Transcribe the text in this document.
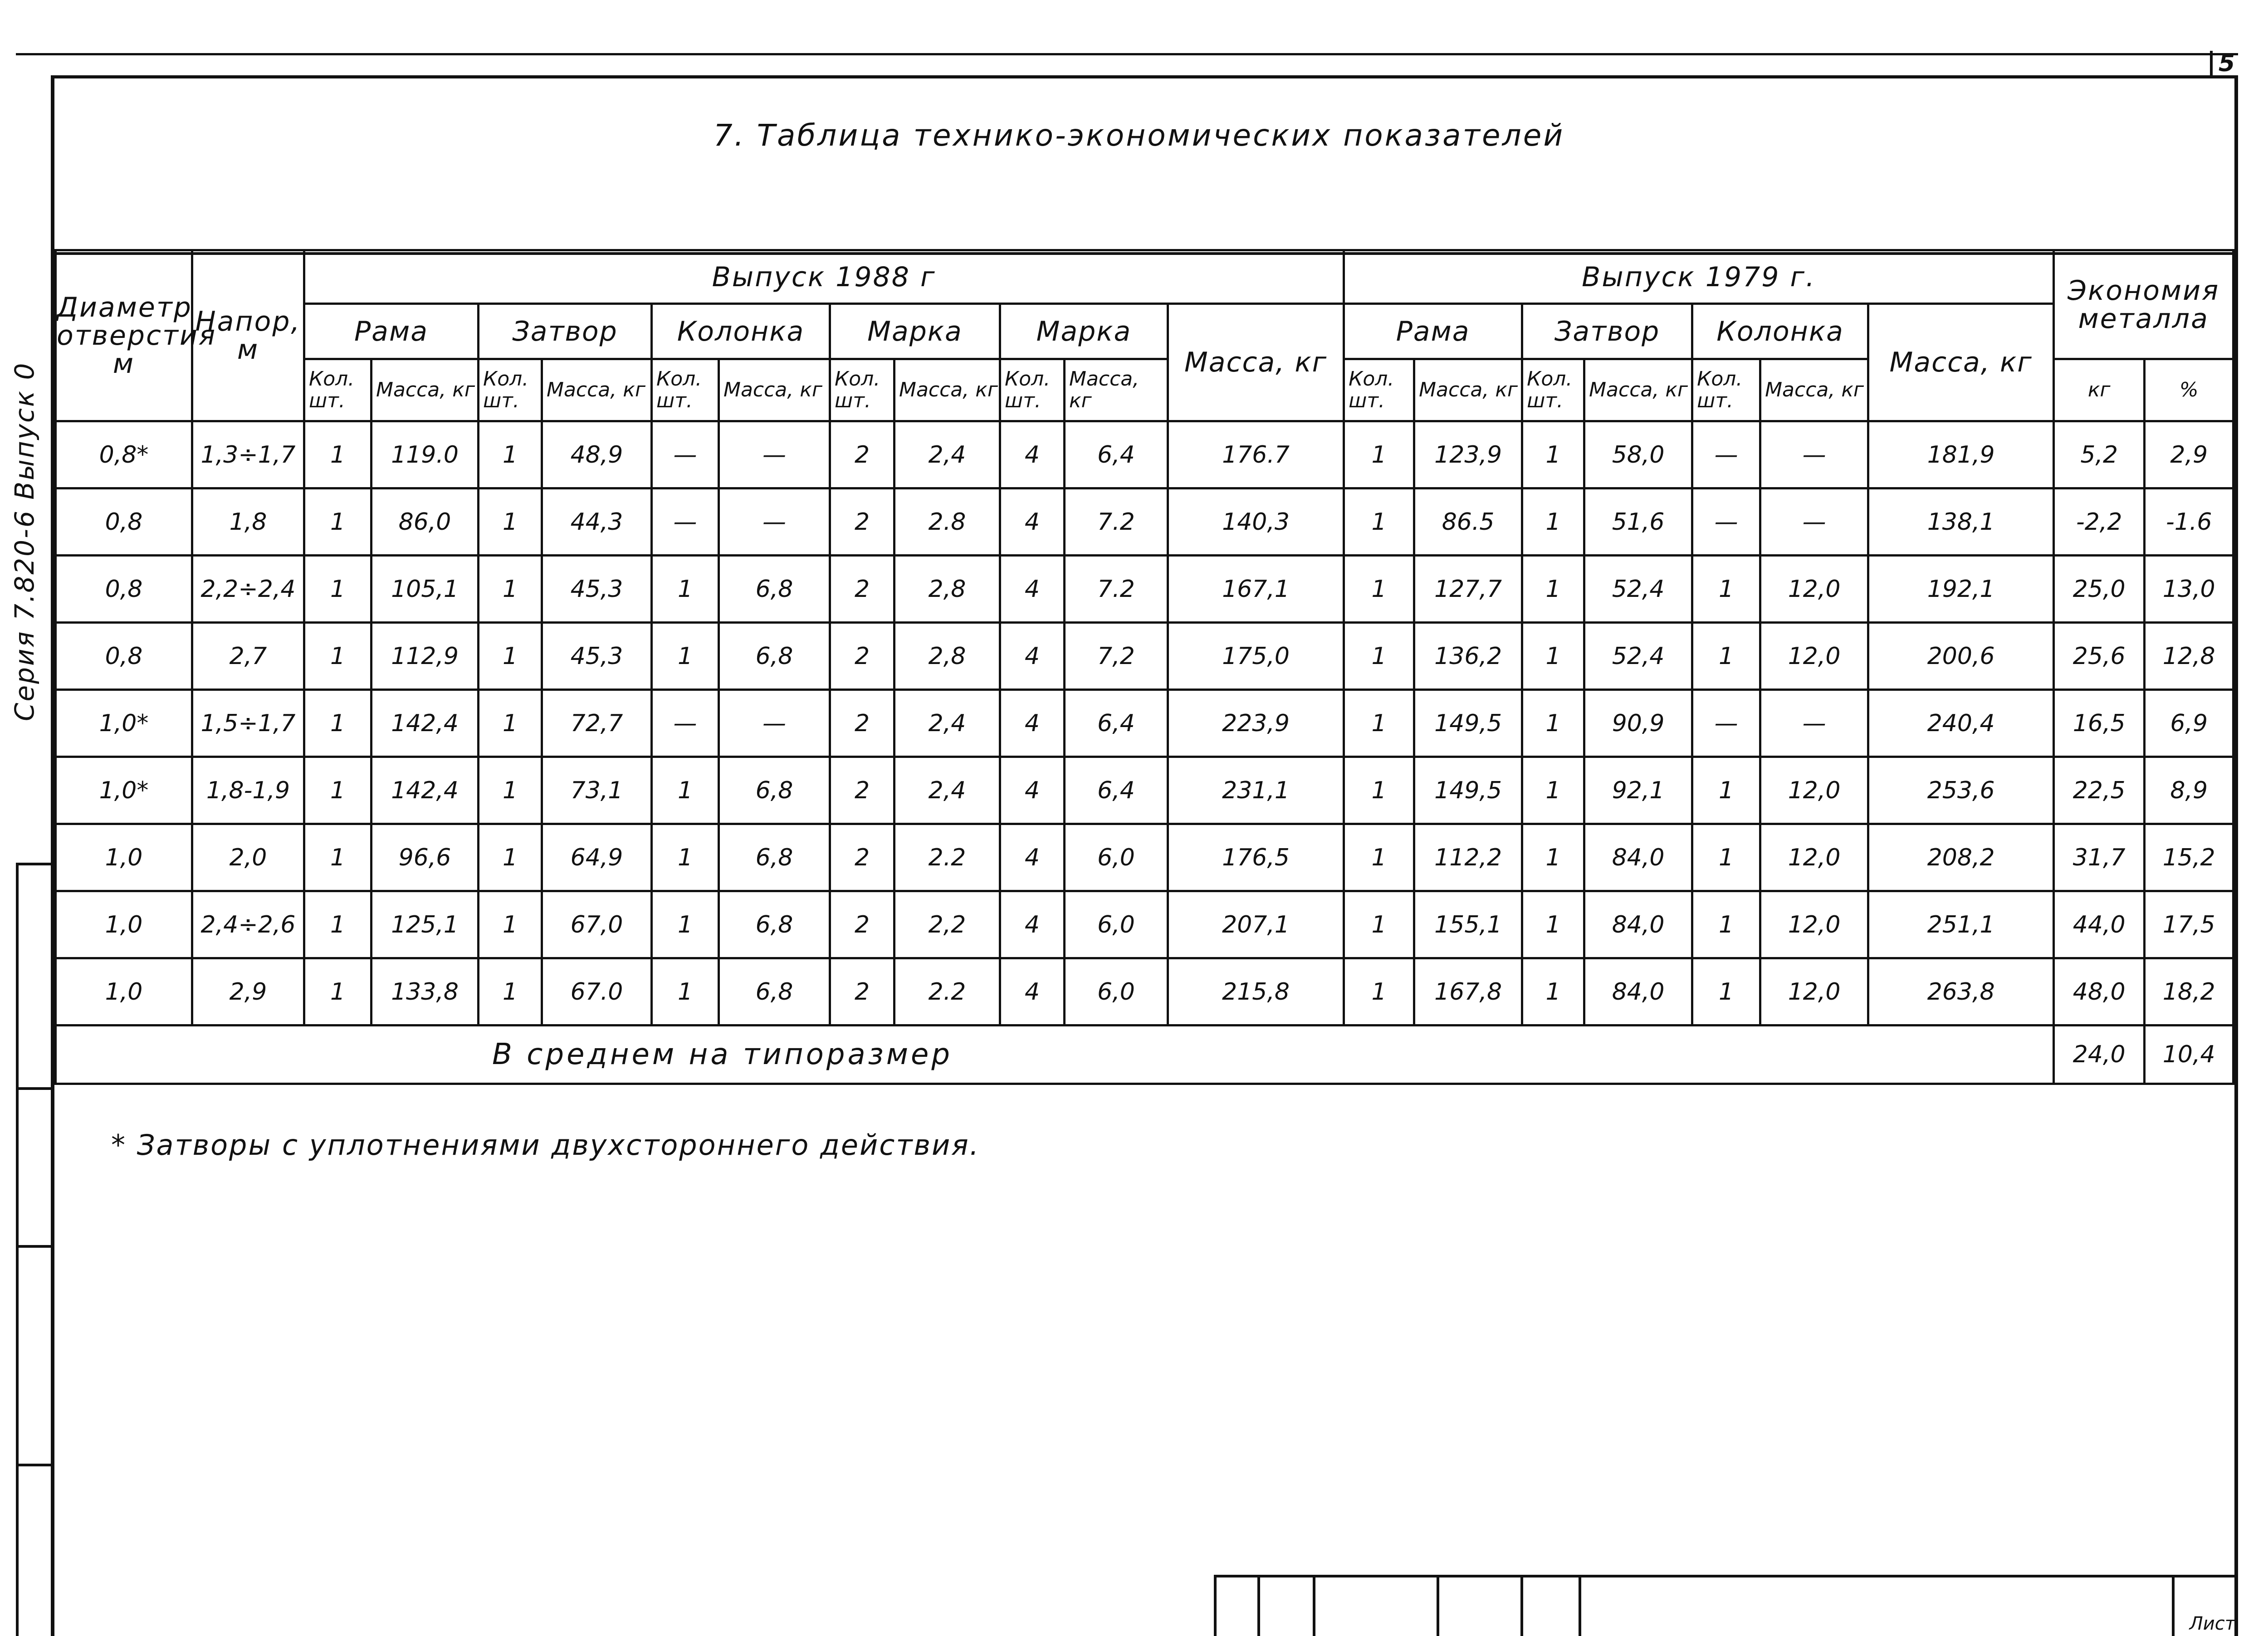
5
7. Таблица технико-экономических показателей
Серия 7.820-6 Выпуск 0
Диаметр отверстия м	Напор, м	Выпуск 1988 г											Выпуск 1979 г.							Экономия металла	
		Рама		Затвор		Колонка		Марка		Марка		Масса, кг	Рама		Затвор		Колонка		Масса, кг		
		Кол. шт.	Масса, кг	Кол. шт.	Масса, кг	Кол. шт.	Масса, кг	Кол. шт.	Масса, кг	Кол. шт.	Масса, кг		Кол. шт.	Масса, кг	Кол. шт.	Масса, кг	Кол. шт.	Масса, кг		кг	%
0,8*	1,3÷1,7	1	119.0	1	48,9	—	—	2	2,4	4	6,4	176.7	1	123,9	1	58,0	—	—	181,9	5,2	2,9
0,8	1,8	1	86,0	1	44,3	—	—	2	2.8	4	7.2	140,3	1	86.5	1	51,6	—	—	138,1	-2,2	-1.6
0,8	2,2÷2,4	1	105,1	1	45,3	1	6,8	2	2,8	4	7.2	167,1	1	127,7	1	52,4	1	12,0	192,1	25,0	13,0
0,8	2,7	1	112,9	1	45,3	1	6,8	2	2,8	4	7,2	175,0	1	136,2	1	52,4	1	12,0	200,6	25,6	12,8
1,0*	1,5÷1,7	1	142,4	1	72,7	—	—	2	2,4	4	6,4	223,9	1	149,5	1	90,9	—	—	240,4	16,5	6,9
1,0*	1,8-1,9	1	142,4	1	73,1	1	6,8	2	2,4	4	6,4	231,1	1	149,5	1	92,1	1	12,0	253,6	22,5	8,9
1,0	2,0	1	96,6	1	64,9	1	6,8	2	2.2	4	6,0	176,5	1	112,2	1	84,0	1	12,0	208,2	31,7	15,2
1,0	2,4÷2,6	1	125,1	1	67,0	1	6,8	2	2,2	4	6,0	207,1	1	155,1	1	84,0	1	12,0	251,1	44,0	17,5
1,0	2,9	1	133,8	1	67.0	1	6,8	2	2.2	4	6,0	215,8	1	167,8	1	84,0	1	12,0	263,8	48,0	18,2
В среднем на типоразмер																				24,0	10,4
* Затворы с уплотнениями двухстороннего действия.
Лист
